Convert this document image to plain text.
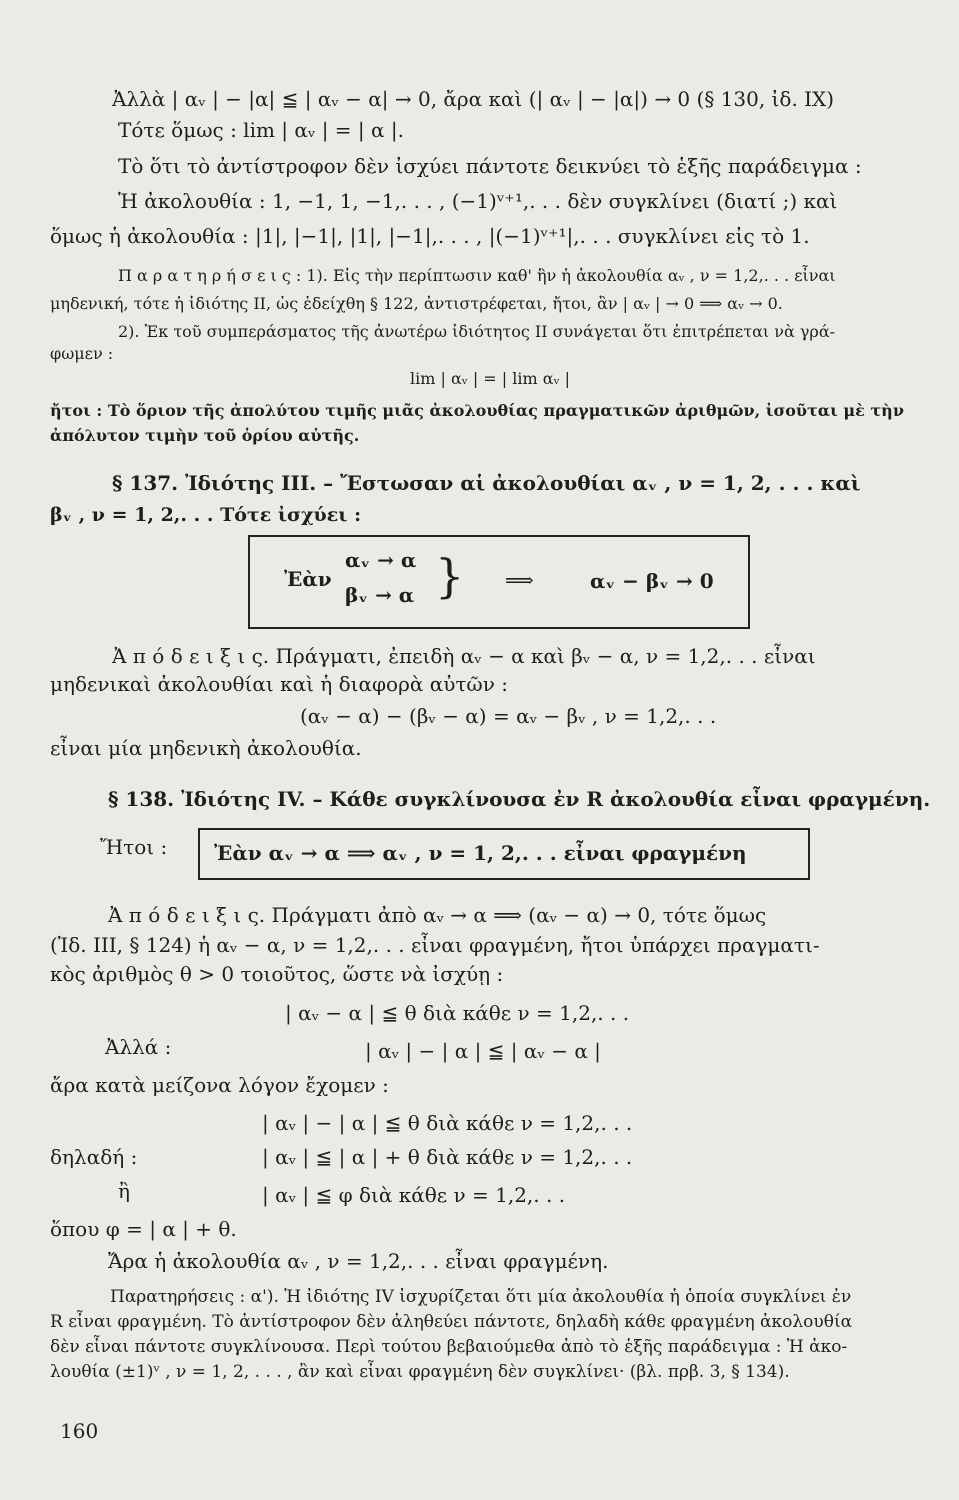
Ἀλλὰ | αᵥ | − |α| ≦ | αᵥ − α| → 0, ἄρα καὶ (| αᵥ | − |α|) → 0 (§ 130, ἰδ. IX)
Τότε ὅμως : lim | αᵥ | = | α |.
Τὸ ὅτι τὸ ἀντίστροφον δὲν ἰσχύει πάντοτε δεικνύει τὸ ἑξῆς παράδειγμα :
Ἡ ἀκολουθία : 1, −1, 1, −1,. . . , (−1)ᵛ⁺¹,. . . δὲν συγκλίνει (διατί ;) καὶ
ὅμως ἡ ἀκολουθία : |1|, |−1|, |1|, |−1|,. . . , |(−1)ᵛ⁺¹|,. . . συγκλίνει εἰς τὸ 1.
Π α ρ α τ η ρ ή σ ε ι ς : 1). Εἰς τὴν περίπτωσιν καθ' ἣν ἡ ἀκολουθία αᵥ , ν = 1,2,. . . εἶναι
μηδενική, τότε ἡ ἰδιότης II, ὡς ἐδείχθη § 122, ἀντιστρέφεται, ἤτοι, ἂν | αᵥ | → 0 ⟹ αᵥ → 0.
2). Ἐκ τοῦ συμπεράσματος τῆς ἀνωτέρω ἰδιότητος II συνάγεται ὅτι ἐπιτρέπεται νὰ γρά-
φωμεν :
lim | αᵥ | = | lim αᵥ |
ἤτοι : Τὸ ὅριον τῆς ἀπολύτου τιμῆς μιᾶς ἀκολουθίας πραγματικῶν ἀριθμῶν, ἰσοῦται μὲ τὴν
ἀπόλυτον τιμὴν τοῦ ὁρίου αὐτῆς.
§ 137. Ἰδιότης III. – Ἔστωσαν αἱ ἀκολουθίαι αᵥ , ν = 1, 2, . . . καὶ
βᵥ , ν = 1, 2,. . . Τότε ἰσχύει :
Ἐὰν
αᵥ → α
βᵥ → α } ⟹	αᵥ − βᵥ → 0
Ἀ π ό δ ε ι ξ ι ς. Πράγματι, ἐπειδὴ αᵥ − α καὶ βᵥ − α, ν = 1,2,. . . εἶναι
μηδενικαὶ ἀκολουθίαι καὶ ἡ διαφορὰ αὐτῶν :
(αᵥ − α) − (βᵥ − α) = αᵥ − βᵥ , ν = 1,2,. . .
εἶναι μία μηδενικὴ ἀκολουθία.
§ 138. Ἰδιότης IV. – Κάθε συγκλίνουσα ἐν R ἀκολουθία εἶναι φραγμένη.
Ἤτοι : Ἐὰν αᵥ → α ⟹ αᵥ , ν = 1, 2,. . . εἶναι φραγμένη
Ἀ π ό δ ε ι ξ ι ς. Πράγματι ἀπὸ αᵥ → α ⟹ (αᵥ − α) → 0, τότε ὅμως
(Ἰδ. III, § 124) ἡ αᵥ − α, ν = 1,2,. . . εἶναι φραγμένη, ἤτοι ὑπάρχει πραγματι-
κὸς ἀριθμὸς θ > 0 τοιοῦτος, ὥστε νὰ ἰσχύῃ :
| αᵥ − α | ≦ θ διὰ κάθε ν = 1,2,. . .
Ἀλλά :	| αᵥ | − | α | ≦ | αᵥ − α |
ἄρα κατὰ μείζονα λόγον ἔχομεν :
| αᵥ | − | α | ≦ θ διὰ κάθε ν = 1,2,. . .
δηλαδή :	| αᵥ | ≦ | α | + θ διὰ κάθε ν = 1,2,. . .
ἢ	| αᵥ | ≦ φ διὰ κάθε ν = 1,2,. . .
ὅπου φ = | α | + θ.
Ἄρα ἡ ἀκολουθία αᵥ , ν = 1,2,. . . εἶναι φραγμένη.
Παρατηρήσεις : α'). Ἡ ἰδιότης IV ἰσχυρίζεται ὅτι μία ἀκολουθία ἡ ὁποία συγκλίνει ἐν
R εἶναι φραγμένη. Τὸ ἀντίστροφον δὲν ἀληθεύει πάντοτε, δηλαδὴ κάθε φραγμένη ἀκολουθία
δὲν εἶναι πάντοτε συγκλίνουσα. Περὶ τούτου βεβαιούμεθα ἀπὸ τὸ ἑξῆς παράδειγμα : Ἡ ἀκο-
λουθία (±1)ᵛ , ν = 1, 2, . . . , ἂν καὶ εἶναι φραγμένη δὲν συγκλίνει· (βλ. πρβ. 3, § 134).
160
